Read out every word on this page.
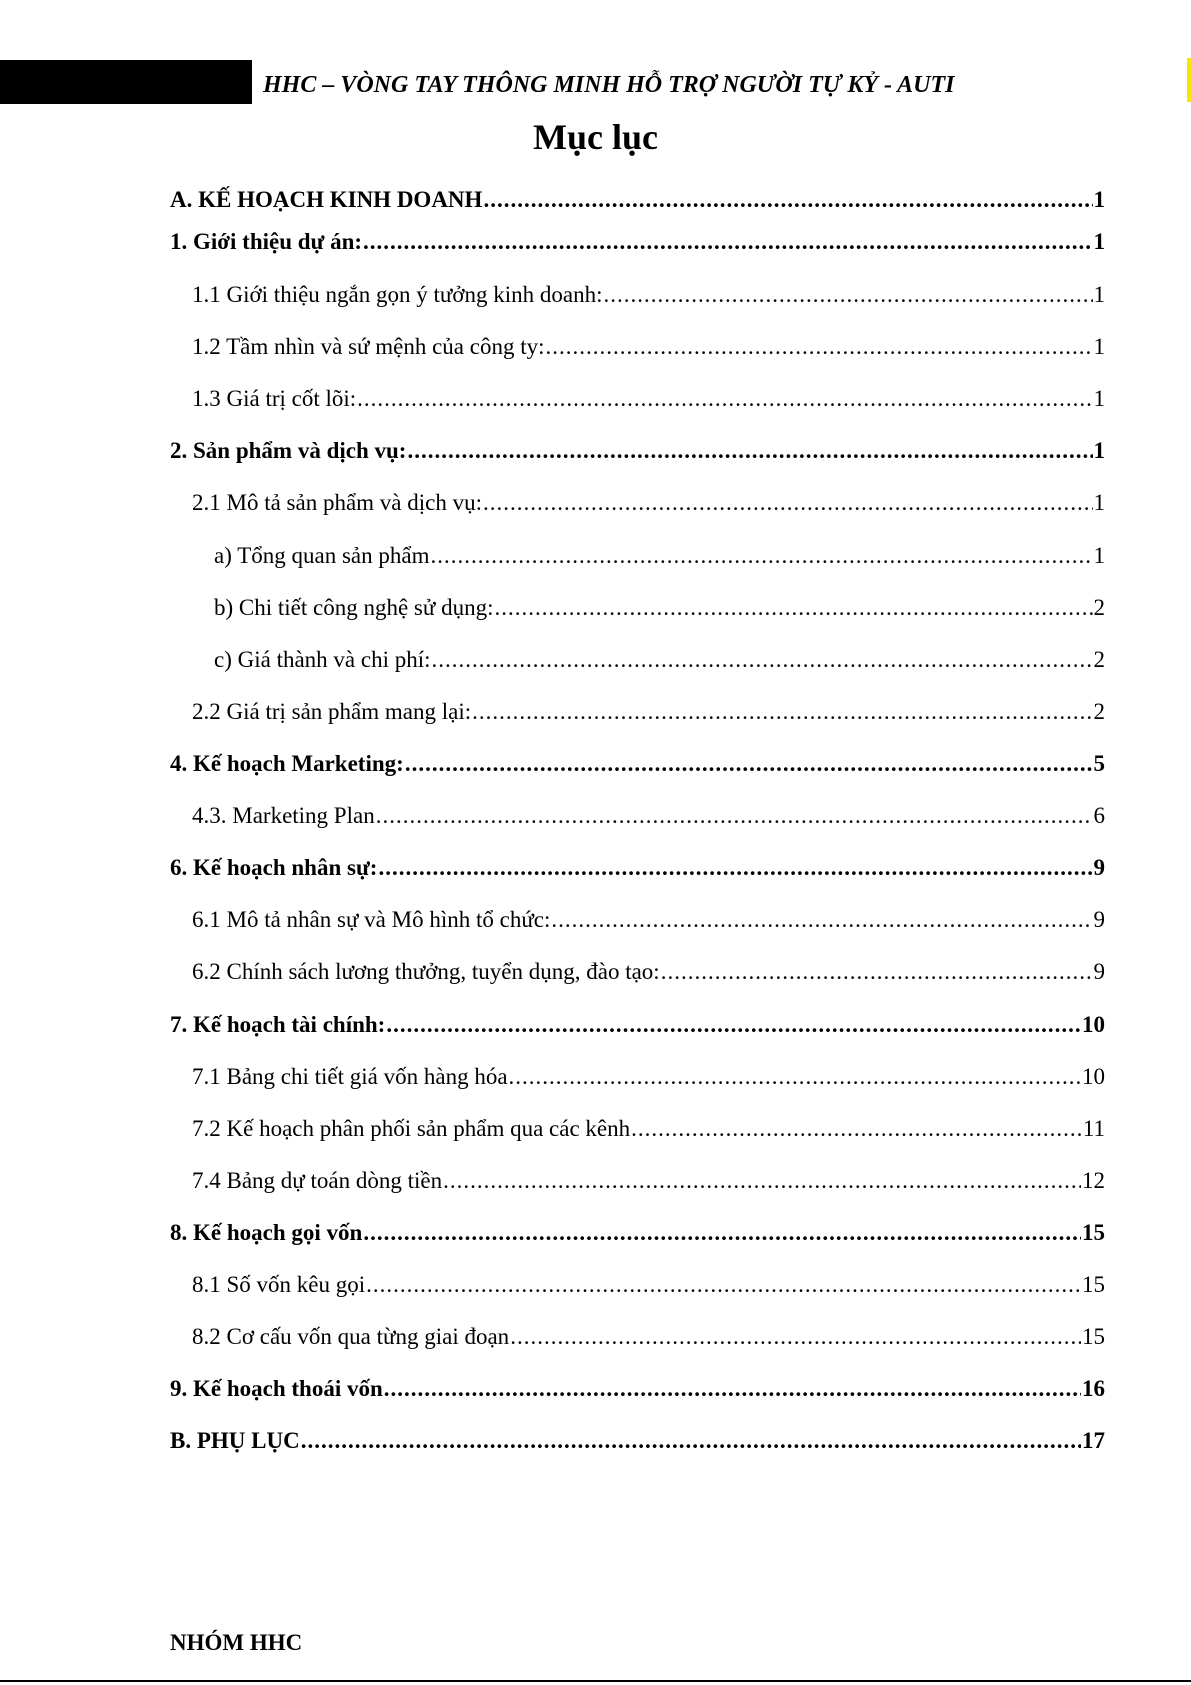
HHC – VÒNG TAY THÔNG MINH HỖ TRỢ NGƯỜI TỰ KỶ - AUTI
Mục lục
A. KẾ HOẠCH KINH DOANH .....	1
1. Giới thiệu dự án: .....	1
1.1 Giới thiệu ngắn gọn ý tưởng kinh doanh: .....	1
1.2 Tầm nhìn và sứ mệnh của công ty: .....	1
1.3 Giá trị cốt lõi: .....	1
2. Sản phẩm và dịch vụ: .....	1
2.1 Mô tả sản phẩm và dịch vụ: .....	1
a) Tổng quan sản phẩm .....	1
b) Chi tiết công nghệ sử dụng: .....	2
c) Giá thành và chi phí: .....	2
2.2 Giá trị sản phẩm mang lại: .....	2
4. Kế hoạch Marketing: .....	5
4.3. Marketing Plan .....	6
6. Kế hoạch nhân sự: .....	9
6.1 Mô tả nhân sự và Mô hình tổ chức: .....	9
6.2 Chính sách lương thưởng, tuyển dụng, đào tạo: .....	9
7. Kế hoạch tài chính: .....	10
7.1 Bảng chi tiết giá vốn hàng hóa .....	10
7.2 Kế hoạch phân phối sản phẩm qua các kênh .....	11
7.4 Bảng dự toán dòng tiền .....	12
8. Kế hoạch gọi vốn .....	15
8.1 Số vốn kêu gọi .....	15
8.2 Cơ cấu vốn qua từng giai đoạn .....	15
9. Kế hoạch thoái vốn .....	16
B. PHỤ LỤC .....	17
NHÓM HHC
